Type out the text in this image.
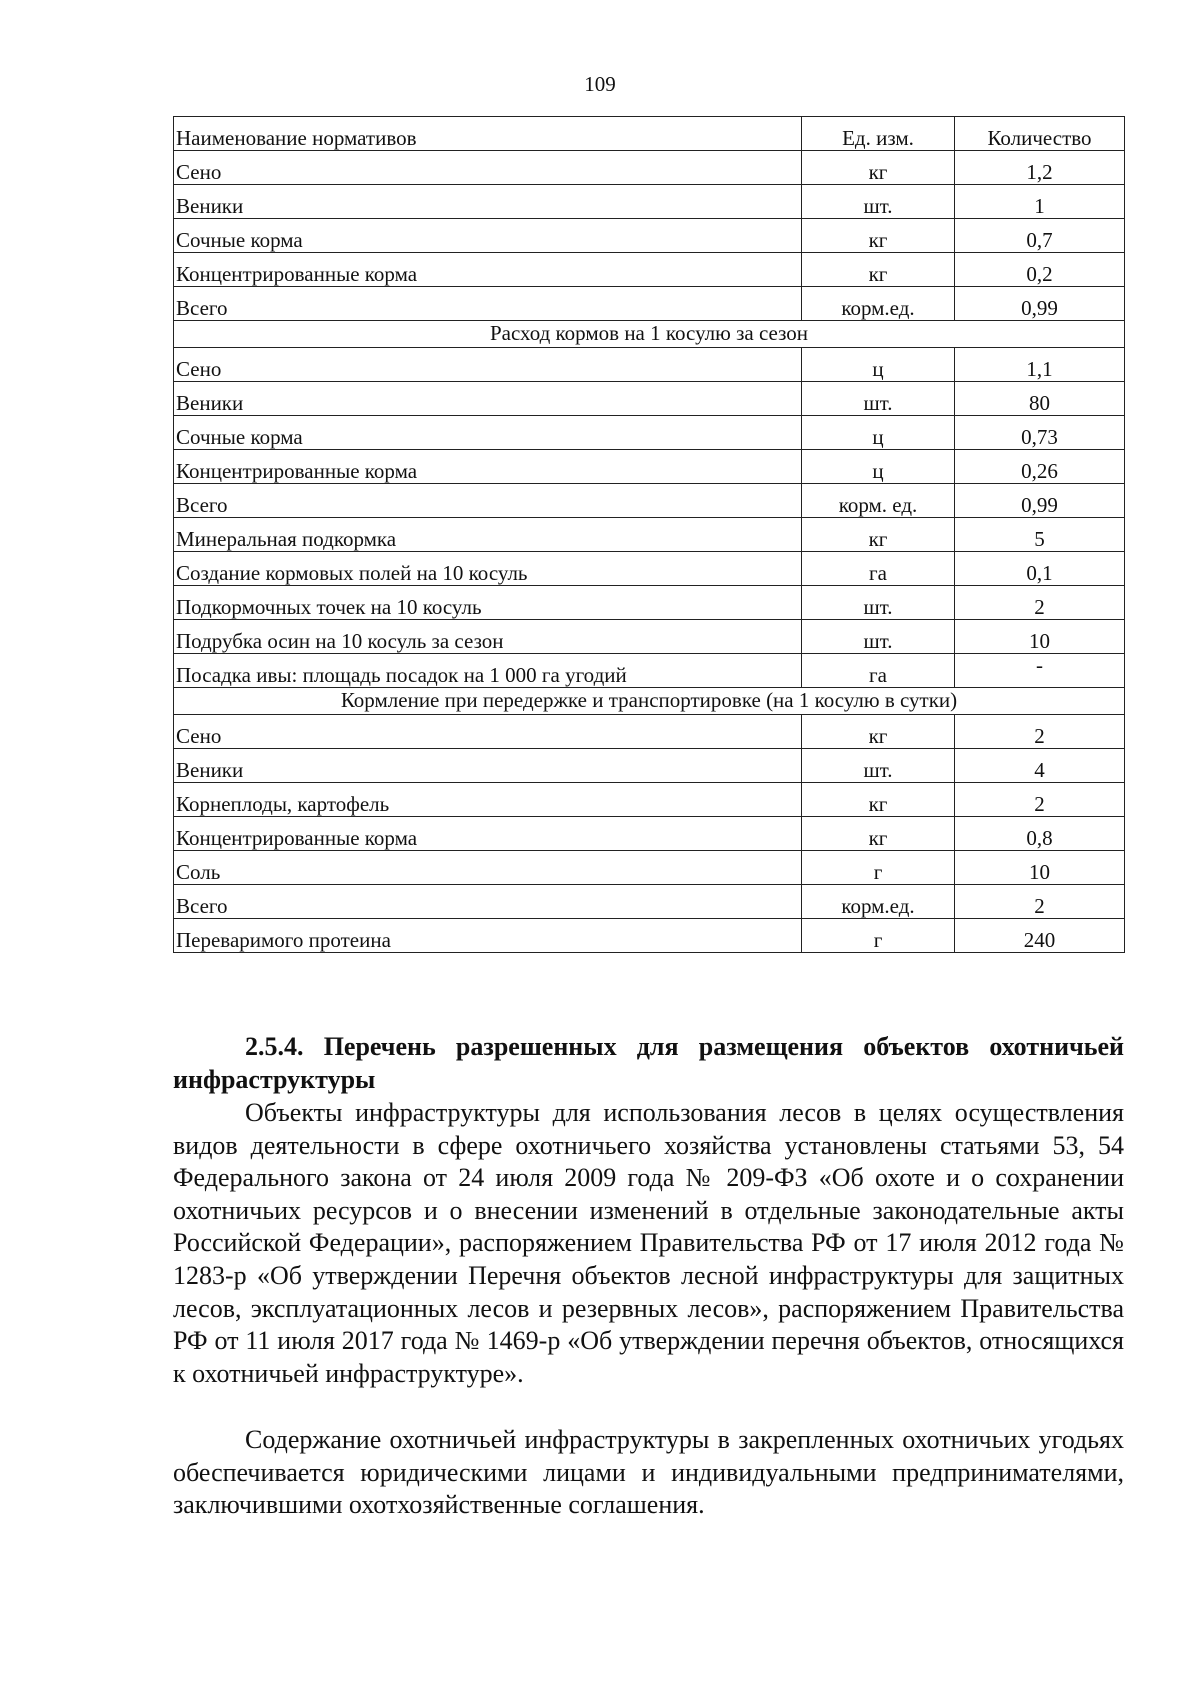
109
Наименование нормативов	Ед. изм.	Количество
Сено	кг	1,2
Веники	шт.	1
Сочные корма	кг	0,7
Концентрированные корма	кг	0,2
Всего	корм.ед.	0,99
Расход кормов на 1 косулю за сезон		
Сено	ц	1,1
Веники	шт.	80
Сочные корма	ц	0,73
Концентрированные корма	ц	0,26
Всего	корм. ед.	0,99
Минеральная подкормка	кг	5
Создание кормовых полей на 10 косуль	га	0,1
Подкормочных точек на 10 косуль	шт.	2
Подрубка осин на 10 косуль за сезон	шт.	10
Посадка ивы: площадь посадок на 1 000 га угодий	га	-
Кормление при передержке и транспортировке (на 1 косулю в сутки)		
Сено	кг	2
Веники	шт.	4
Корнеплоды, картофель	кг	2
Концентрированные корма	кг	0,8
Соль	г	10
Всего	корм.ед.	2
Переваримого протеина	г	240
2.5.4. Перечень разрешенных для размещения объектов охотничьей инфраструктуры

Объекты инфраструктуры для использования лесов в целях осуществления видов деятельности в сфере охотничьего хозяйства установлены статьями 53, 54 Федерального закона от 24 июля 2009 года № 209-ФЗ «Об охоте и о сохранении охотничьих ресурсов и о внесении изменений в отдельные законодательные акты Российской Федерации», распоряжением Правительства РФ от 17 июля 2012 года № 1283-р «Об утверждении Перечня объектов лесной инфраструктуры для защитных лесов, эксплуатационных лесов и резервных лесов», распоряжением Правительства РФ от 11 июля 2017 года № 1469-р «Об утверждении перечня объектов, относящихся к охотничьей инфраструктуре».

Содержание охотничьей инфраструктуры в закрепленных охотничьих угодьях обеспечивается юридическими лицами и индивидуальными предпринимателями, заключившими охотхозяйственные соглашения.
